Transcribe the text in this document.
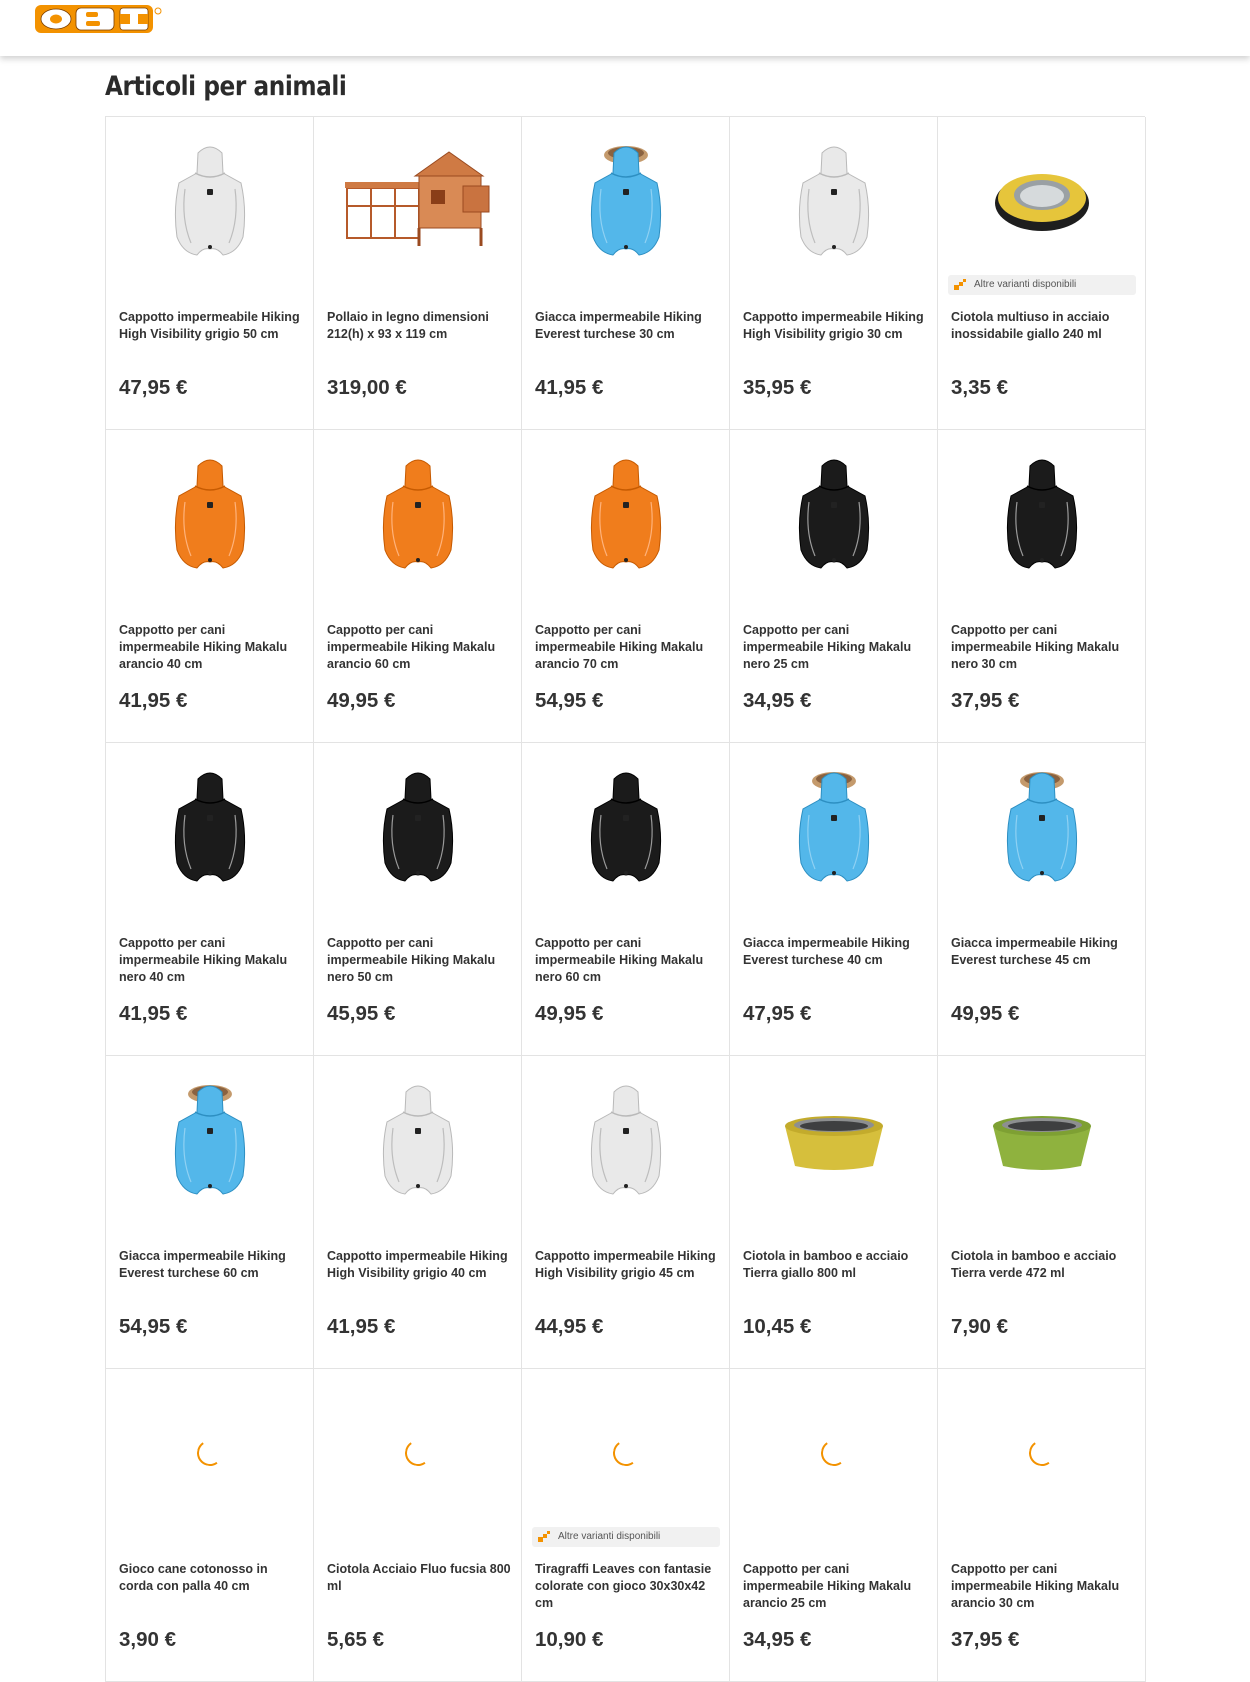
Articoli per animali
Cappotto impermeabile Hiking High Visibility grigio 50 cm
47,95 €
Pollaio in legno dimensioni 212(h) x 93 x 119 cm
319,00 €
Giacca impermeabile Hiking Everest turchese 30 cm
41,95 €
Cappotto impermeabile Hiking High Visibility grigio 30 cm
35,95 €
Altre varianti disponibili
Ciotola multiuso in acciaio inossidabile giallo 240 ml
3,35 €
Cappotto per cani impermeabile Hiking Makalu arancio 40 cm
41,95 €
Cappotto per cani impermeabile Hiking Makalu arancio 60 cm
49,95 €
Cappotto per cani impermeabile Hiking Makalu arancio 70 cm
54,95 €
Cappotto per cani impermeabile Hiking Makalu nero 25 cm
34,95 €
Cappotto per cani impermeabile Hiking Makalu nero 30 cm
37,95 €
Cappotto per cani impermeabile Hiking Makalu nero 40 cm
41,95 €
Cappotto per cani impermeabile Hiking Makalu nero 50 cm
45,95 €
Cappotto per cani impermeabile Hiking Makalu nero 60 cm
49,95 €
Giacca impermeabile Hiking Everest turchese 40 cm
47,95 €
Giacca impermeabile Hiking Everest turchese 45 cm
49,95 €
Giacca impermeabile Hiking Everest turchese 60 cm
54,95 €
Cappotto impermeabile Hiking High Visibility grigio 40 cm
41,95 €
Cappotto impermeabile Hiking High Visibility grigio 45 cm
44,95 €
Ciotola in bamboo e acciaio Tierra giallo 800 ml
10,45 €
Ciotola in bamboo e acciaio Tierra verde 472 ml
7,90 €
Gioco cane cotonosso in corda con palla 40 cm
3,90 €
Ciotola Acciaio Fluo fucsia 800 ml
5,65 €
Altre varianti disponibili
Tiragraffi Leaves con fantasie colorate con gioco 30x30x42 cm
10,90 €
Cappotto per cani impermeabile Hiking Makalu arancio 25 cm
34,95 €
Cappotto per cani impermeabile Hiking Makalu arancio 30 cm
37,95 €
